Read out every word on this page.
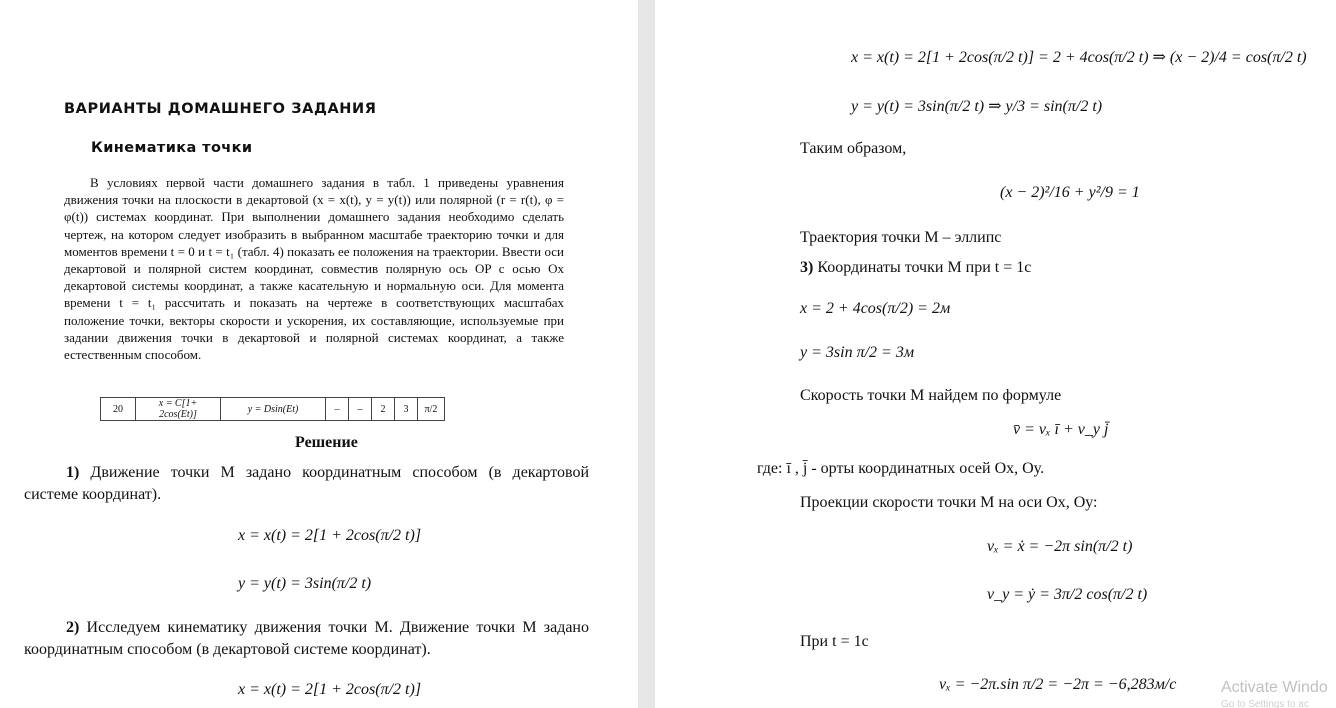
ВАРИАНТЫ ДОМАШНЕГО ЗАДАНИЯ
Кинематика точки

В условиях первой части домашнего задания в табл. 1 приведены уравнения движения точки на плоскости в декартовой (x = x(t), y = y(t)) или полярной (r = r(t), φ = φ(t)) системах координат. При выполнении домашнего задания необходимо сделать чертеж, на котором следует изобразить в выбранном масштабе траекторию точки и для моментов времени t = 0 и t = t₁ (табл. 4) показать ее положения на траектории. Ввести оси декартовой и полярной систем координат, совместив полярную ось OP с осью Ox декартовой системы координат, а также касательную и нормальную оси. Для момента времени t = t₁ рассчитать и показать на чертеже в соответствующих масштабах положение точки, векторы скорости и ускорения, их составляющие, используемые при задании движения точки в декартовой и полярной системах координат, а также естественным способом.

20	x = C[1+ 2cos(Et)]	y = Dsin(Et)	–	–	2	3	π/2
Решение
1) Движение точки М задано координатным способом (в декартовой системе координат).
x = x(t) = 2[1 + 2cos(π/2 t)]
y = y(t) = 3sin(π/2 t)
2) Исследуем кинематику движения точки М. Движение точки М задано координатным способом (в декартовой системе координат).
x = x(t) = 2[1 + 2cos(π/2 t)]
x = x(t) = 2[1 + 2cos(π/2 t)] = 2 + 4cos(π/2 t) ⇒ (x − 2)/4 = cos(π/2 t)
y = y(t) = 3sin(π/2 t) ⇒ y/3 = sin(π/2 t)
Таким образом,
(x − 2)²/16 + y²/9 = 1
Траектория точки М – эллипс
3) Координаты точки М при t = 1с
x = 2 + 4cos(π/2) = 2м
y = 3sin π/2 = 3м
Скорость точки М найдем по формуле
v̄ = vₓ ī + v_y j̄
где: ī , j̄ - орты координатных осей Ох, Оу.
Проекции скорости точки М на оси Ох, Оу:
vₓ = ẋ = −2π sin(π/2 t)
v_y = ẏ = 3π/2 cos(π/2 t)
При t = 1с
vₓ = −2π.sin π/2 = −2π = −6,283м/с	Activate Windo
Go to Settings to ac
